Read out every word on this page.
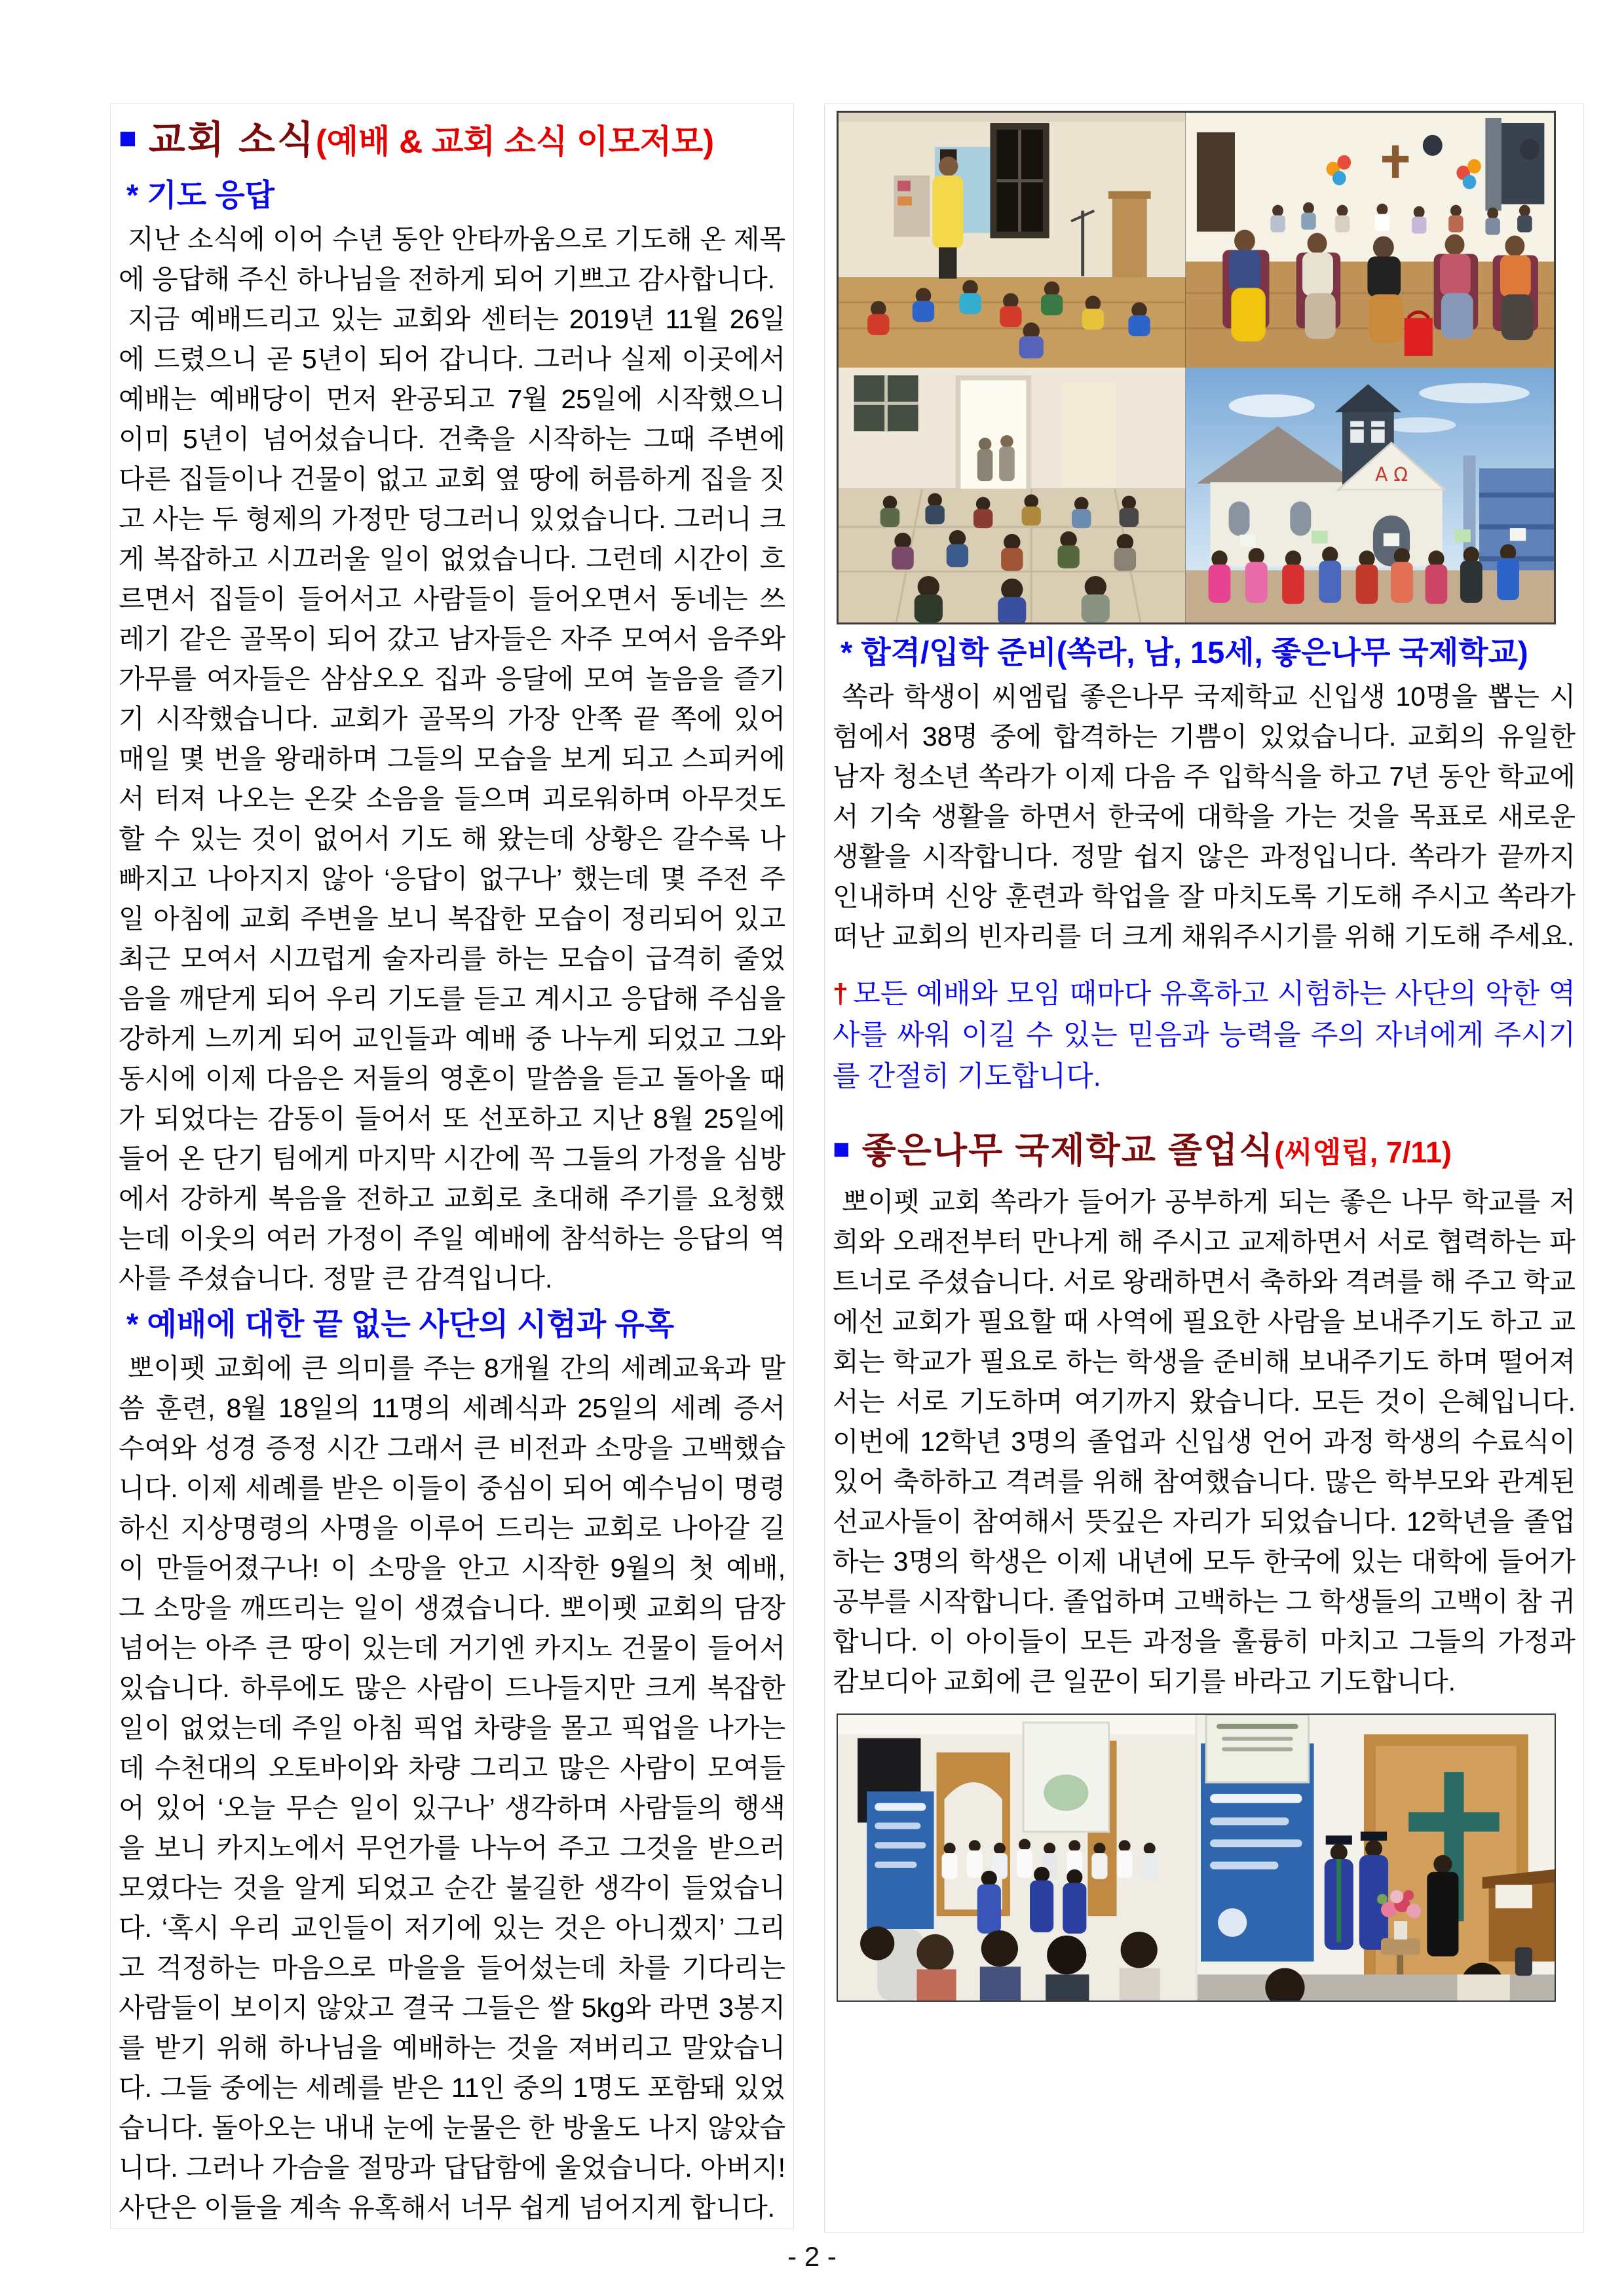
■ 교회 소식(예배 & 교회 소식 이모저모)
* 기도 응답

지난 소식에 이어 수년 동안 안타까움으로 기도해 온 제목에 응답해 주신 하나님을 전하게 되어 기쁘고 감사합니다.

지금 예배드리고 있는 교회와 센터는 2019년 11월 26일에 드렸으니 곧 5년이 되어 갑니다. 그러나 실제 이곳에서 예배는 예배당이 먼저 완공되고 7월 25일에 시작했으니 이미 5년이 넘어섰습니다. 건축을 시작하는 그때 주변에 다른 집들이나 건물이 없고 교회 옆 땅에 허름하게 집을 짓고 사는 두 형제의 가정만 덩그러니 있었습니다. 그러니 크게 복잡하고 시끄러울 일이 없었습니다. 그런데 시간이 흐르면서 집들이 들어서고 사람들이 들어오면서 동네는 쓰레기 같은 골목이 되어 갔고 남자들은 자주 모여서 음주와 가무를 여자들은 삼삼오오 집과 응달에 모여 놀음을 즐기기 시작했습니다. 교회가 골목의 가장 안쪽 끝 쪽에 있어 매일 몇 번을 왕래하며 그들의 모습을 보게 되고 스피커에서 터져 나오는 온갖 소음을 들으며 괴로워하며 아무것도 할 수 있는 것이 없어서 기도 해 왔는데 상황은 갈수록 나빠지고 나아지지 않아 ‘응답이 없구나’ 했는데 몇 주전 주일 아침에 교회 주변을 보니 복잡한 모습이 정리되어 있고 최근 모여서 시끄럽게 술자리를 하는 모습이 급격히 줄었음을 깨닫게 되어 우리 기도를 듣고 계시고 응답해 주심을 강하게 느끼게 되어 교인들과 예배 중 나누게 되었고 그와 동시에 이제 다음은 저들의 영혼이 말씀을 듣고 돌아올 때가 되었다는 감동이 들어서 또 선포하고 지난 8월 25일에 들어 온 단기 팀에게 마지막 시간에 꼭 그들의 가정을 심방에서 강하게 복음을 전하고 교회로 초대해 주기를 요청했는데 이웃의 여러 가정이 주일 예배에 참석하는 응답의 역사를 주셨습니다. 정말 큰 감격입니다.

* 예배에 대한 끝 없는 사단의 시험과 유혹

뽀이펫 교회에 큰 의미를 주는 8개월 간의 세례교육과 말씀 훈련, 8월 18일의 11명의 세례식과 25일의 세례 증서 수여와 성경 증정 시간 그래서 큰 비전과 소망을 고백했습니다. 이제 세례를 받은 이들이 중심이 되어 예수님이 명령하신 지상명령의 사명을 이루어 드리는 교회로 나아갈 길이 만들어졌구나! 이 소망을 안고 시작한 9월의 첫 예배, 그 소망을 깨뜨리는 일이 생겼습니다. 뽀이펫 교회의 담장 넘어는 아주 큰 땅이 있는데 거기엔 카지노 건물이 들어서 있습니다. 하루에도 많은 사람이 드나들지만 크게 복잡한 일이 없었는데 주일 아침 픽업 차량을 몰고 픽업을 나가는데 수천대의 오토바이와 차량 그리고 많은 사람이 모여들어 있어 ‘오늘 무슨 일이 있구나’ 생각하며 사람들의 행색을 보니 카지노에서 무언가를 나누어 주고 그것을 받으러 모였다는 것을 알게 되었고 순간 불길한 생각이 들었습니다. ‘혹시 우리 교인들이 저기에 있는 것은 아니겠지’ 그리고 걱정하는 마음으로 마을을 들어섰는데 차를 기다리는 사람들이 보이지 않았고 결국 그들은 쌀 5kg와 라면 3봉지를 받기 위해 하나님을 예배하는 것을 져버리고 말았습니다. 그들 중에는 세례를 받은 11인 중의 1명도 포함돼 있었습니다. 돌아오는 내내 눈에 눈물은 한 방울도 나지 않았습니다. 그러나 가슴을 절망과 답답함에 울었습니다. 아버지! 사단은 이들을 계속 유혹해서 너무 쉽게 넘어지게 합니다.

Α Ω
* 합격/입학 준비(쏙라, 남, 15세, 좋은나무 국제학교)

쏙라 학생이 씨엠립 좋은나무 국제학교 신입생 10명을 뽑는 시험에서 38명 중에 합격하는 기쁨이 있었습니다. 교회의 유일한 남자 청소년 쏙라가 이제 다음 주 입학식을 하고 7년 동안 학교에서 기숙 생활을 하면서 한국에 대학을 가는 것을 목표로 새로운 생활을 시작합니다. 정말 쉽지 않은 과정입니다. 쏙라가 끝까지 인내하며 신앙 훈련과 학업을 잘 마치도록 기도해 주시고 쏙라가 떠난 교회의 빈자리를 더 크게 채워주시기를 위해 기도해 주세요.

† 모든 예배와 모임 때마다 유혹하고 시험하는 사단의 악한 역사를 싸워 이길 수 있는 믿음과 능력을 주의 자녀에게 주시기를 간절히 기도합니다.

■ 좋은나무 국제학교 졸업식(씨엠립, 7/11)

뽀이펫 교회 쏙라가 들어가 공부하게 되는 좋은 나무 학교를 저희와 오래전부터 만나게 해 주시고 교제하면서 서로 협력하는 파트너로 주셨습니다. 서로 왕래하면서 축하와 격려를 해 주고 학교에선 교회가 필요할 때 사역에 필요한 사람을 보내주기도 하고 교회는 학교가 필요로 하는 학생을 준비해 보내주기도 하며 떨어져서는 서로 기도하며 여기까지 왔습니다. 모든 것이 은혜입니다. 이번에 12학년 3명의 졸업과 신입생 언어 과정 학생의 수료식이 있어 축하하고 격려를 위해 참여했습니다. 많은 학부모와 관계된 선교사들이 참여해서 뜻깊은 자리가 되었습니다. 12학년을 졸업하는 3명의 학생은 이제 내년에 모두 한국에 있는 대학에 들어가 공부를 시작합니다. 졸업하며 고백하는 그 학생들의 고백이 참 귀합니다. 이 아이들이 모든 과정을 훌륭히 마치고 그들의 가정과 캄보디아 교회에 큰 일꾼이 되기를 바라고 기도합니다.

- 2 -
